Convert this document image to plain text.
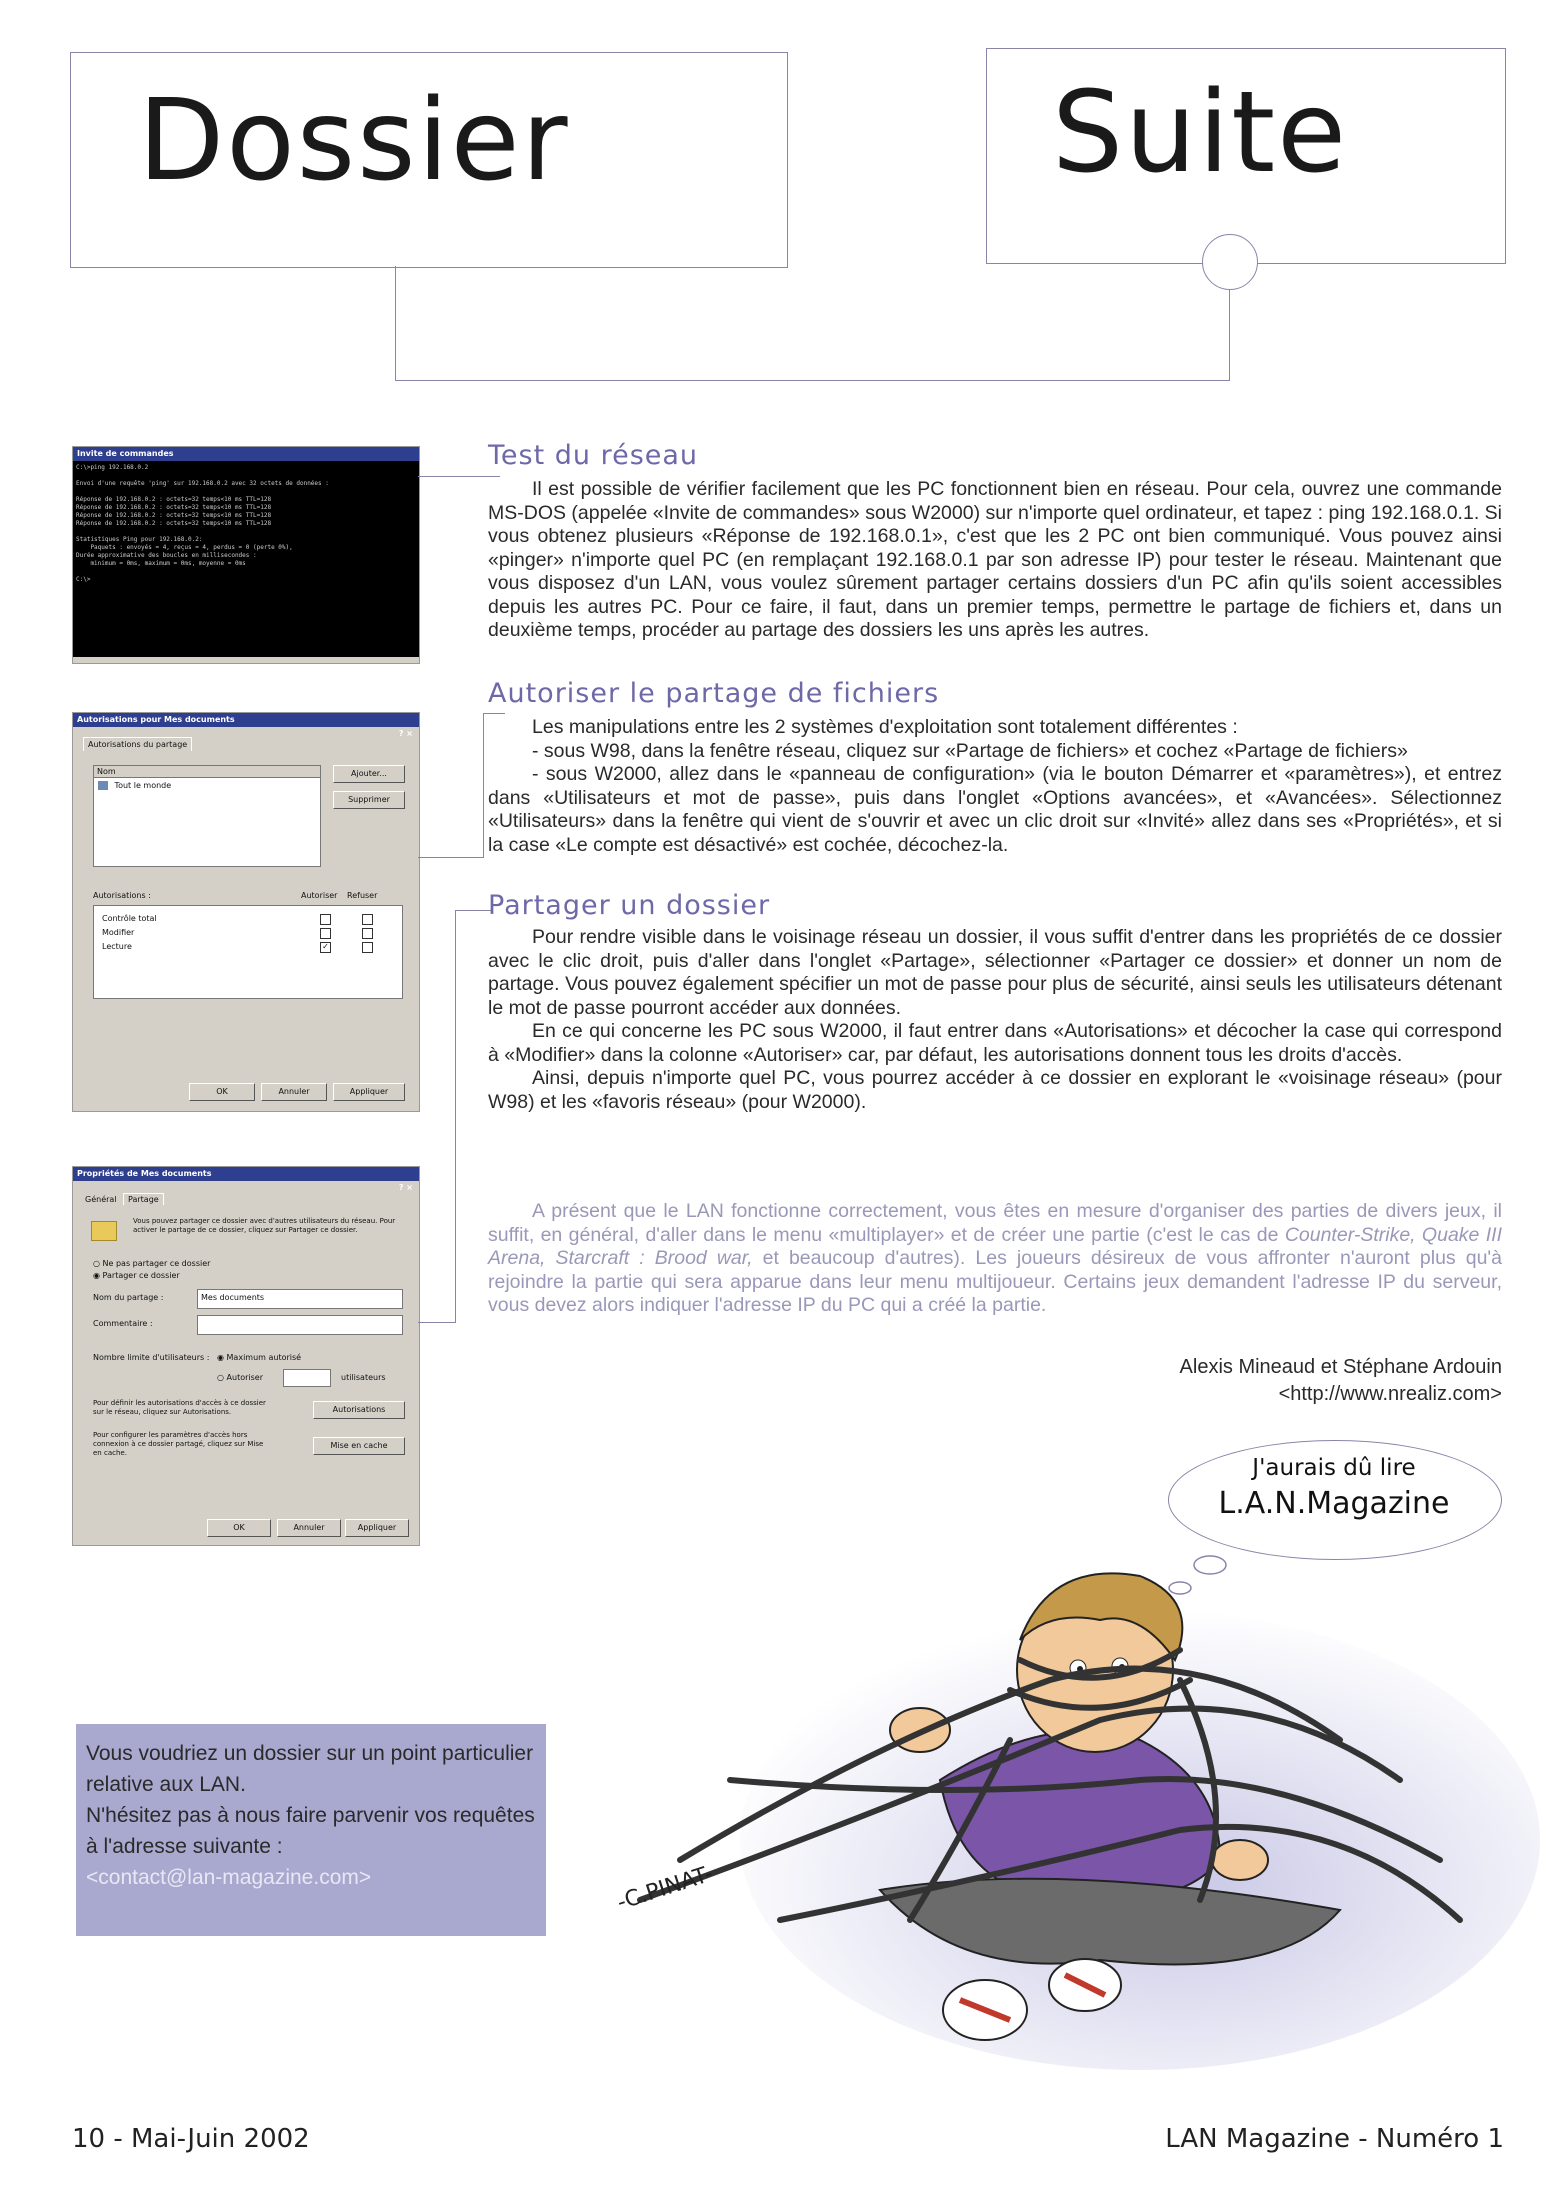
Dossier	Suite
Invite de commandes
C:\>ping 192.168.0.2
Envoi d'une requête 'ping' sur 192.168.0.2 avec 32 octets de données :
Réponse de 192.168.0.2 : octets=32 temps<10 ms TTL=128
Réponse de 192.168.0.2 : octets=32 temps<10 ms TTL=128
Réponse de 192.168.0.2 : octets=32 temps<10 ms TTL=128
Réponse de 192.168.0.2 : octets=32 temps<10 ms TTL=128
Statistiques Ping pour 192.168.0.2:
Paquets : envoyés = 4, reçus = 4, perdus = 0 (perte 0%),
Durée approximative des boucles en millisecondes :
minimum = 0ms, maximum = 0ms, moyenne = 0ms
C:\>
Autorisations pour Mes documents
? ×
Autorisations du partage
Nom
Tout le monde
Ajouter...
Supprimer
Autorisations :	Autoriser Refuser
Contrôle total
Modifier
Lecture	✓
OK	Annuler	Appliquer
Propriétés de Mes documents
? ×
Général	Partage
Vous pouvez partager ce dossier avec d'autres utilisateurs du réseau. Pour activer le partage de ce dossier, cliquez sur Partager ce dossier.
○ Ne pas partager ce dossier
◉ Partager ce dossier
Nom du partage :	Mes documents
Commentaire :
Nombre limite d'utilisateurs : ◉ Maximum autorisé
○ Autoriser	utilisateurs
Pour définir les autorisations d'accès à ce dossier sur le réseau, cliquez sur Autorisations.	Autorisations
Pour configurer les paramètres d'accès hors connexion à ce dossier partagé, cliquez sur Mise en cache.
Mise en cache
OK	Annuler	Appliquer
Test du réseau

Il est possible de vérifier facilement que les PC fonctionnent bien en réseau. Pour cela, ouvrez une commande MS-DOS (appelée «Invite de commandes» sous W2000) sur n'importe quel ordinateur, et tapez : ping 192.168.0.1. Si vous obtenez plusieurs «Réponse de 192.168.0.1», c'est que les 2 PC ont bien communiqué. Vous pouvez ainsi «pinger» n'importe quel PC (en remplaçant 192.168.0.1 par son adresse IP) pour tester le réseau. Maintenant que vous disposez d'un LAN, vous voulez sûrement partager certains dossiers d'un PC afin qu'ils soient accessibles depuis les autres PC. Pour ce faire, il faut, dans un premier temps, permettre le partage de fichiers et, dans un deuxième temps, procéder au partage des dossiers les uns après les autres.

Autoriser le partage de fichiers

Les manipulations entre les 2 systèmes d'exploitation sont totalement différentes :

- sous W98, dans la fenêtre réseau, cliquez sur «Partage de fichiers» et cochez «Partage de fichiers»

- sous W2000, allez dans le «panneau de configuration» (via le bouton Démarrer et «paramètres»), et entrez dans «Utilisateurs et mot de passe», puis dans l'onglet «Options avancées», et «Avancées». Sélectionnez «Utilisateurs» dans la fenêtre qui vient de s'ouvrir et avec un clic droit sur «Invité» allez dans ses «Propriétés», et si la case «Le compte est désactivé» est cochée, décochez-la.

Partager un dossier

Pour rendre visible dans le voisinage réseau un dossier, il vous suffit d'entrer dans les propriétés de ce dossier avec le clic droit, puis d'aller dans l'onglet «Partage», sélectionner «Partager ce dossier» et donner un nom de partage. Vous pouvez également spécifier un mot de passe pour plus de sécurité, ainsi seuls les utilisateurs détenant le mot de passe pourront accéder aux données.

En ce qui concerne les PC sous W2000, il faut entrer dans «Autorisations» et décocher la case qui correspond à «Modifier» dans la colonne «Autoriser» car, par défaut, les autorisations donnent tous les droits d'accès.

Ainsi, depuis n'importe quel PC, vous pourrez accéder à ce dossier en explorant le «voisinage réseau» (pour W98) et les «favoris réseau» (pour W2000).

A présent que le LAN fonctionne correctement, vous êtes en mesure d'organiser des parties de divers jeux, il suffit, en général, d'aller dans le menu «multiplayer» et de créer une partie (c'est le cas de Counter-Strike, Quake III Arena, Starcraft : Brood war, et beaucoup d'autres). Les joueurs désireux de vous affronter n'auront plus qu'à rejoindre la partie qui sera apparue dans leur menu multijoueur. Certains jeux demandent l'adresse IP du serveur, vous devez alors indiquer l'adresse IP du PC qui a créé la partie.

Alexis Mineaud et Stéphane Ardouin
<http://www.nrealiz.com>
Vous voudriez un dossier sur un point particulier relative aux LAN.
N'hésitez pas à nous faire parvenir vos requêtes à l'adresse suivante :
<contact@lan-magazine.com>	-C.PINAT-
J'aurais dû lire
L.A.N.Magazine
10 - Mai-Juin 2002	LAN Magazine - Numéro 1
